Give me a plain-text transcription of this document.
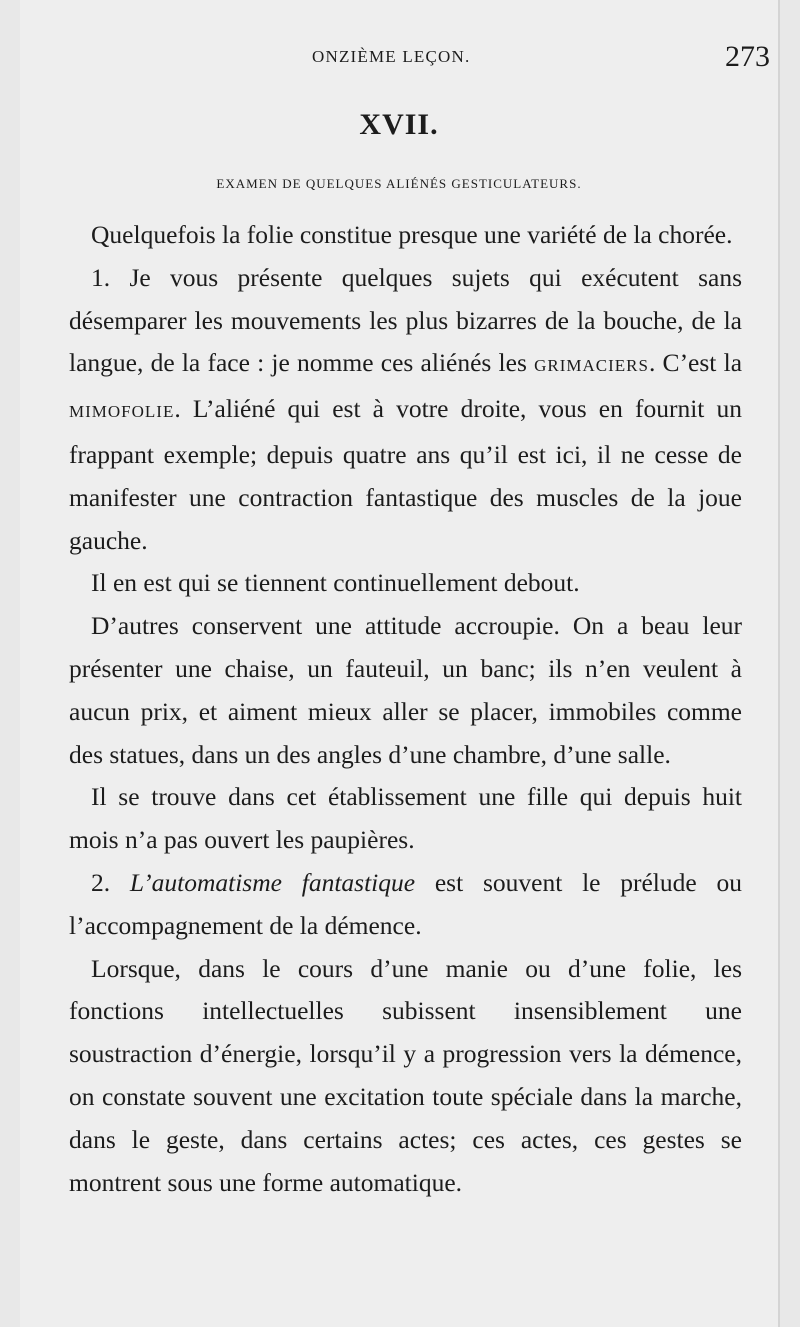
ONZIÈME LEÇON.	273
XVII.
EXAMEN DE QUELQUES ALIÉNÉS GESTICULATEURS.

Quelquefois la folie constitue presque une variété de la chorée.

1. Je vous présente quelques sujets qui exécutent sans désemparer les mouvements les plus bizarres de la bouche, de la langue, de la face : je nomme ces aliénés les GRIMACIERS. C’est la MIMOFOLIE. L’aliéné qui est à votre droite, vous en fournit un frappant exemple; depuis quatre ans qu’il est ici, il ne cesse de manifester une contraction fantastique des muscles de la joue gauche.

Il en est qui se tiennent continuellement debout.

D’autres conservent une attitude accroupie. On a beau leur présenter une chaise, un fauteuil, un banc; ils n’en veulent à aucun prix, et aiment mieux aller se placer, immobiles comme des statues, dans un des angles d’une chambre, d’une salle.

Il se trouve dans cet établissement une fille qui depuis huit mois n’a pas ouvert les paupières.

2. L’automatisme fantastique est souvent le prélude ou l’accompagnement de la démence.

Lorsque, dans le cours d’une manie ou d’une folie, les fonctions intellectuelles subissent insensiblement une soustraction d’énergie, lorsqu’il y a progression vers la démence, on constate souvent une excitation toute spéciale dans la marche, dans le geste, dans certains actes; ces actes, ces gestes se montrent sous une forme automatique.
